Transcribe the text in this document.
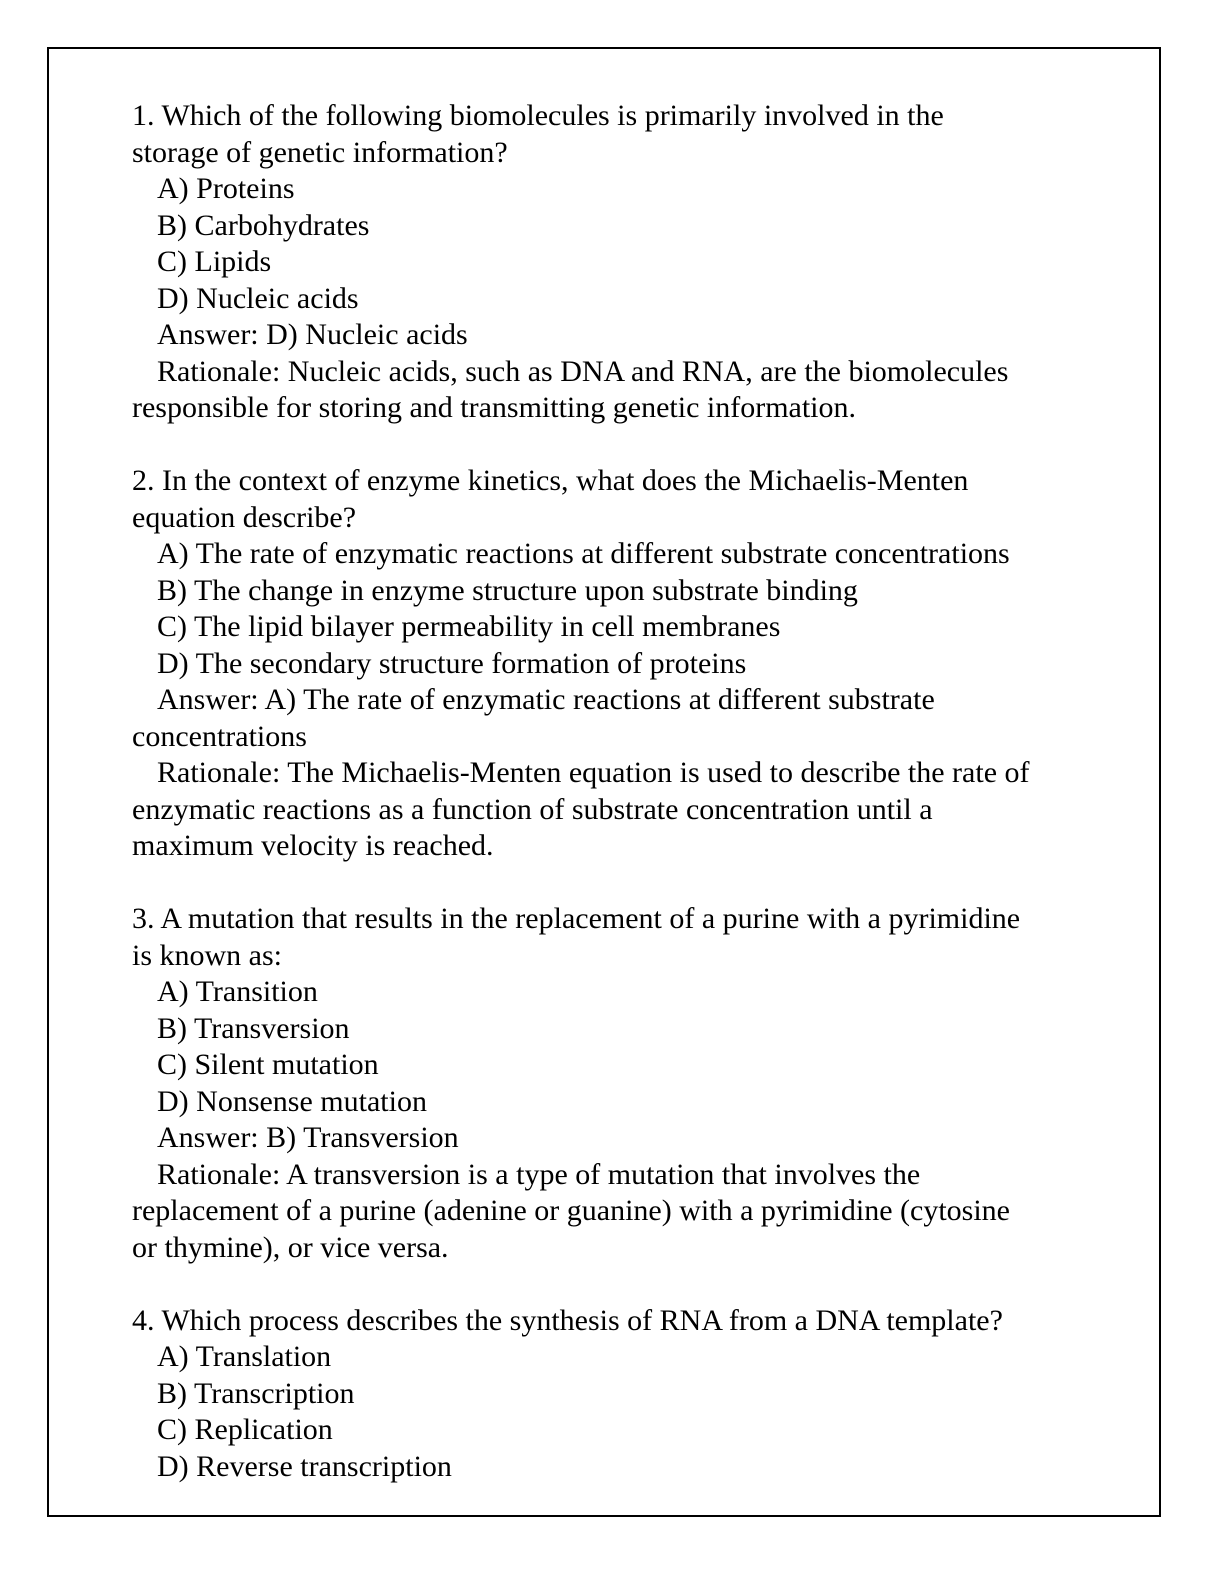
1. Which of the following biomolecules is primarily involved in the
storage of genetic information?
A) Proteins
B) Carbohydrates
C) Lipids
D) Nucleic acids
Answer: D) Nucleic acids
Rationale: Nucleic acids, such as DNA and RNA, are the biomolecules
responsible for storing and transmitting genetic information.
2. In the context of enzyme kinetics, what does the Michaelis-Menten
equation describe?
A) The rate of enzymatic reactions at different substrate concentrations
B) The change in enzyme structure upon substrate binding
C) The lipid bilayer permeability in cell membranes
D) The secondary structure formation of proteins
Answer: A) The rate of enzymatic reactions at different substrate
concentrations
Rationale: The Michaelis-Menten equation is used to describe the rate of
enzymatic reactions as a function of substrate concentration until a
maximum velocity is reached.
3. A mutation that results in the replacement of a purine with a pyrimidine
is known as:
A) Transition
B) Transversion
C) Silent mutation
D) Nonsense mutation
Answer: B) Transversion
Rationale: A transversion is a type of mutation that involves the
replacement of a purine (adenine or guanine) with a pyrimidine (cytosine
or thymine), or vice versa.
4. Which process describes the synthesis of RNA from a DNA template?
A) Translation
B) Transcription
C) Replication
D) Reverse transcription
